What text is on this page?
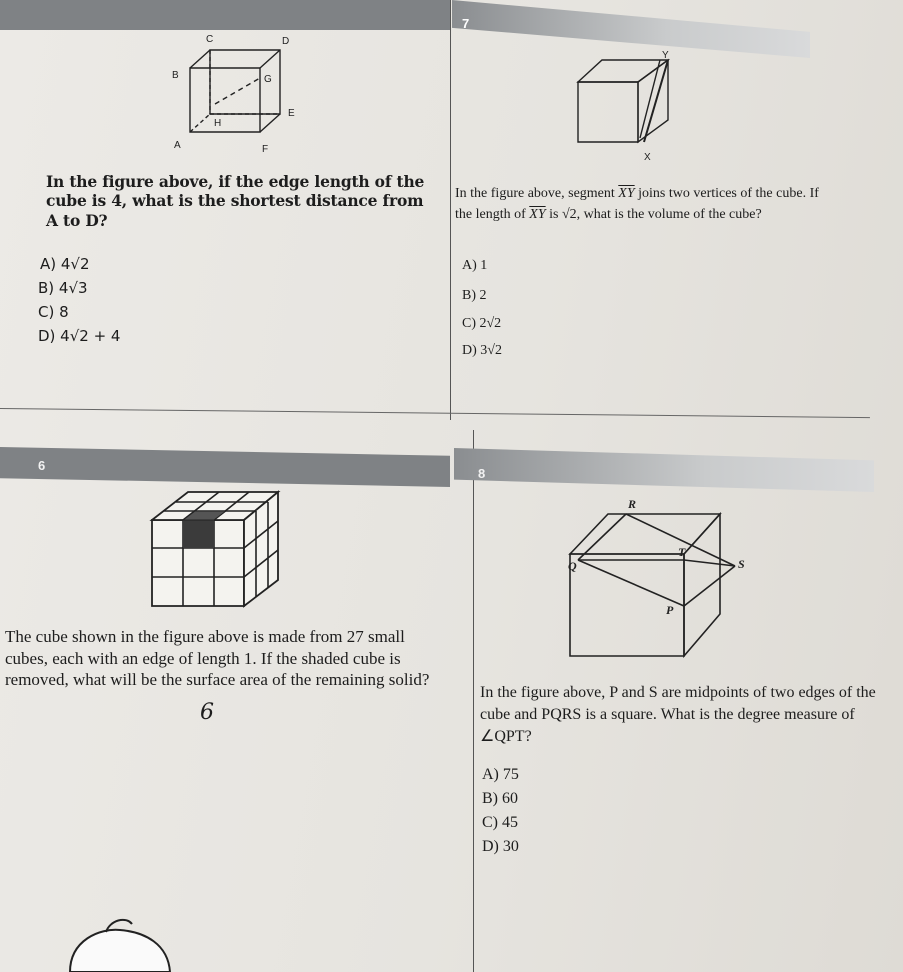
7
C	D
B	G
H
E
A	F
In the figure above, if the edge length of the cube is 4, what is the shortest distance from A to D?
A) 4√2
B) 4√3
C) 8
D) 4√2 + 4
Y
X
In the figure above, segment $\overline{XY}$ joins two vertices of the cube. If the length of $\overline{XY}$ is √2, what is the volume of the cube?
A) 1
B) 2
C) 2√2
D) 3√2
6
The cube shown in the figure above is made from 27 small cubes, each with an edge of length 1. If the shaded cube is removed, what will be the surface area of the remaining solid?
6
8
R
Q
T
S
P
In the figure above, P and S are midpoints of two edges of the cube and PQRS is a square. What is the degree measure of ∠QPT?
A) 75
B) 60
C) 45
D) 30
